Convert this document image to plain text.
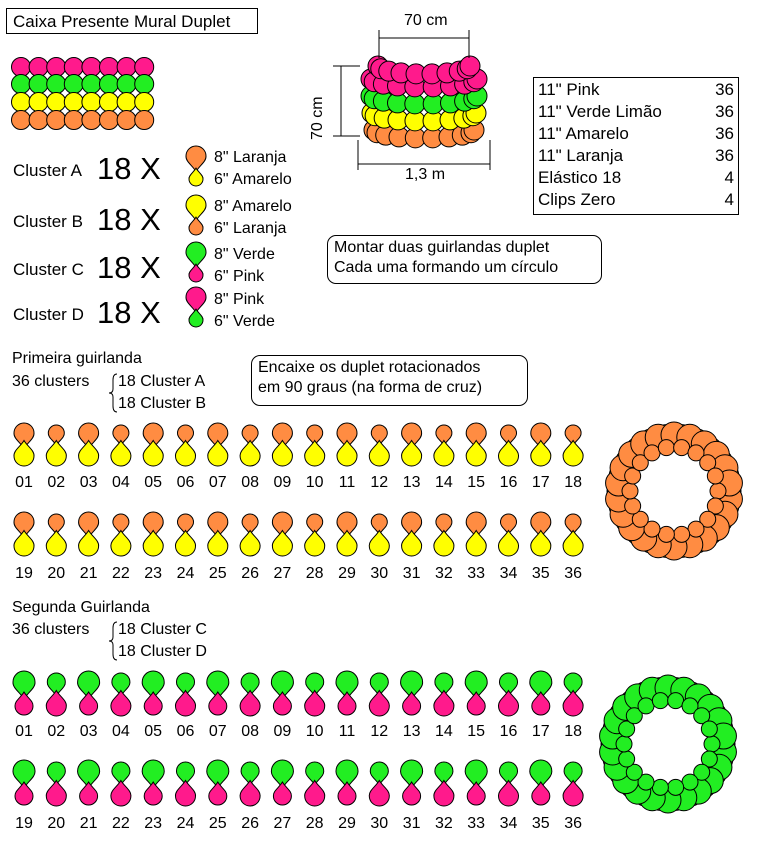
Caixa Presente Mural Duplet	70 cm
70 cm
1,3 m
11" Pink	36
11" Verde Limão	36
11" Amarelo	36
11" Laranja	36
Elástico 18	4
Clips Zero	4
Cluster A 18 X	8" Laranja
6" Amarelo
Cluster B 18 X	8" Amarelo
6" Laranja
Cluster C 18 X	8" Verde
6" Pink
Cluster D 18 X	8" Pink
6" Verde
Montar duas guirlandas duplet
Cada uma formando um círculo
Encaixe os duplet rotacionados
em 90 graus (na forma de cruz)
Primeira guirlanda
36 clusters 18 Cluster A
18 Cluster B
Segunda Guirlanda
36 clusters 18 Cluster C
18 Cluster D
01 02 03 04 05 06 07 08 09 10 11 12 13 14 15 16 17 18
19 20 21 22 23 24 25 26 27 28 29 30 31 32 33 34 35 36
01 02 03 04 05 06 07 08 09 10 11 12 13 14 15 16 17 18
19 20 21 22 23 24 25 26 27 28 29 30 31 32 33 34 35 36
